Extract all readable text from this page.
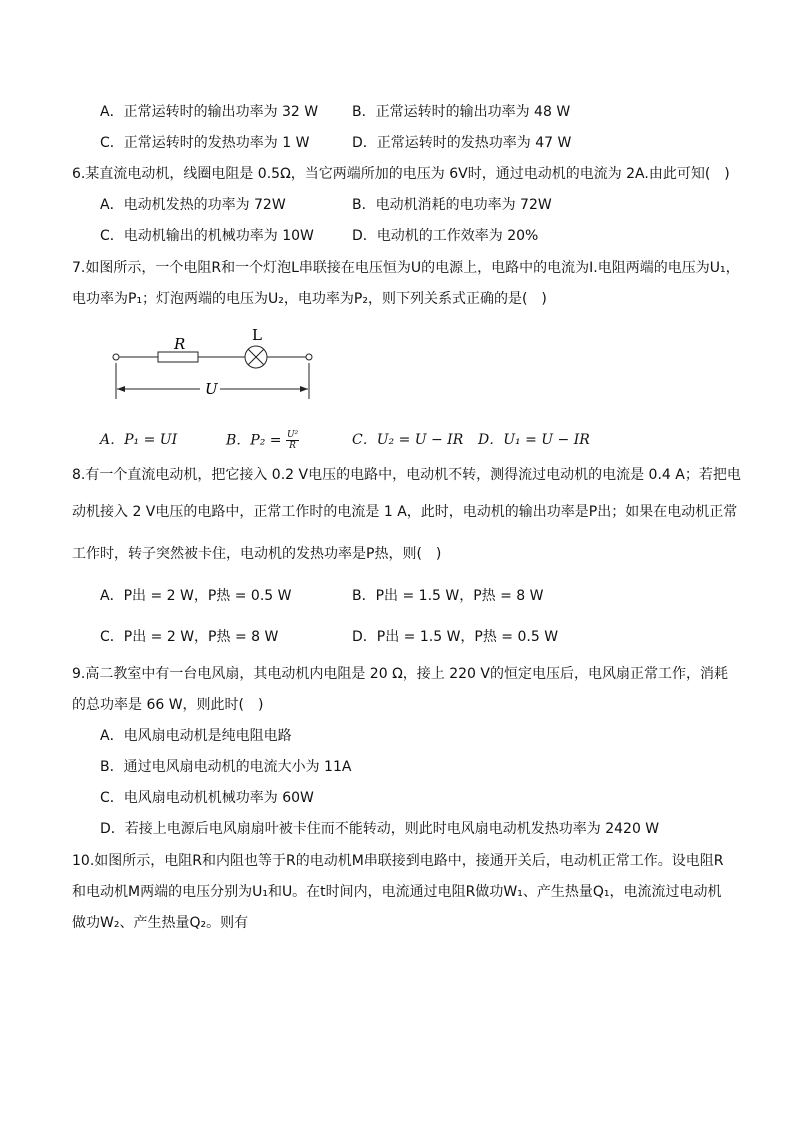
A．正常运转时的输出功率为 32 W B．正常运转时的输出功率为 48 W
C．正常运转时的发热功率为 1 W	D．正常运转时的发热功率为 47 W
6.某直流电动机，线圈电阻是 0.5Ω，当它两端所加的电压为 6V时，通过电动机的电流为 2A.由此可知(　)
A．电动机发热的功率为 72W	B．电动机消耗的电功率为 72W
C．电动机输出的机械功率为 10W	D．电动机的工作效率为 20%
7.如图所示，一个电阻R和一个灯泡L串联接在电压恒为U的电源上，电路中的电流为I.电阻两端的电压为U₁，
电功率为P₁；灯泡两端的电压为U₂，电功率为P₂，则下列关系式正确的是(　)
R	L
U
A．P₁ = UI	B．$P_2 = \frac{\text{U²}}{R}$	C．U₂ = U − IR D．U₁ = U − IR
8.有一个直流电动机，把它接入 0.2 V电压的电路中，电动机不转，测得流过电动机的电流是 0.4 A；若把电
动机接入 2 V电压的电路中，正常工作时的电流是 1 A，此时，电动机的输出功率是P出；如果在电动机正常
工作时，转子突然被卡住，电动机的发热功率是P热，则(　)
A．P出 = 2 W，P热 = 0.5 W	B．P出 = 1.5 W，P热 = 8 W
C．P出 = 2 W，P热 = 8 W	D．P出 = 1.5 W，P热 = 0.5 W
9.高二教室中有一台电风扇，其电动机内电阻是 20 Ω，接上 220 V的恒定电压后，电风扇正常工作，消耗
的总功率是 66 W，则此时(　)
A．电风扇电动机是纯电阻电路
B．通过电风扇电动机的电流大小为 11A
C．电风扇电动机机械功率为 60W
D．若接上电源后电风扇扇叶被卡住而不能转动，则此时电风扇电动机发热功率为 2420 W
10.如图所示，电阻R和内阻也等于R的电动机M串联接到电路中，接通开关后，电动机正常工作。设电阻R
和电动机M两端的电压分别为U₁和U。在t时间内，电流通过电阻R做功W₁、产生热量Q₁，电流流过电动机
做功W₂、产生热量Q₂。则有
